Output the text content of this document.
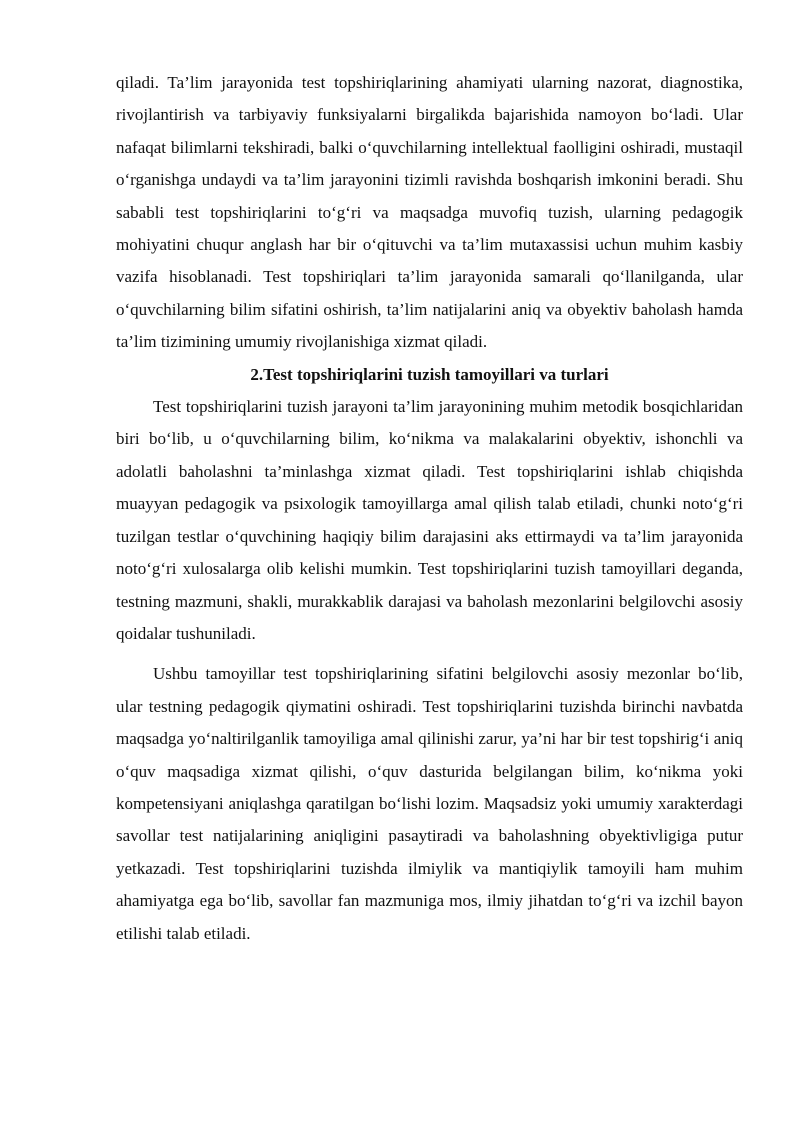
qiladi. Ta’lim jarayonida test topshiriqlarining ahamiyati ularning nazorat, diagnostika, rivojlantirish va tarbiyaviy funksiyalarni birgalikda bajarishida namoyon bo‘ladi. Ular nafaqat bilimlarni tekshiradi, balki o‘quvchilarning intellektual faolligini oshiradi, mustaqil o‘rganishga undaydi va ta’lim jarayonini tizimli ravishda boshqarish imkonini beradi. Shu sababli test topshiriqlarini to‘g‘ri va maqsadga muvofiq tuzish, ularning pedagogik mohiyatini chuqur anglash har bir o‘qituvchi va ta’lim mutaxassisi uchun muhim kasbiy vazifa hisoblanadi. Test topshiriqlari ta’lim jarayonida samarali qo‘llanilganda, ular o‘quvchilarning bilim sifatini oshirish, ta’lim natijalarini aniq va obyektiv baholash hamda ta’lim tizimining umumiy rivojlanishiga xizmat qiladi.

2.Test topshiriqlarini tuzish tamoyillari va turlari

Test topshiriqlarini tuzish jarayoni ta’lim jarayonining muhim metodik bosqichlaridan biri bo‘lib, u o‘quvchilarning bilim, ko‘nikma va malakalarini obyektiv, ishonchli va adolatli baholashni ta’minlashga xizmat qiladi. Test topshiriqlarini ishlab chiqishda muayyan pedagogik va psixologik tamoyillarga amal qilish talab etiladi, chunki noto‘g‘ri tuzilgan testlar o‘quvchining haqiqiy bilim darajasini aks ettirmaydi va ta’lim jarayonida noto‘g‘ri xulosalarga olib kelishi mumkin. Test topshiriqlarini tuzish tamoyillari deganda, testning mazmuni, shakli, murakkablik darajasi va baholash mezonlarini belgilovchi asosiy qoidalar tushuniladi.

Ushbu tamoyillar test topshiriqlarining sifatini belgilovchi asosiy mezonlar bo‘lib, ular testning pedagogik qiymatini oshiradi. Test topshiriqlarini tuzishda birinchi navbatda maqsadga yo‘naltirilganlik tamoyiliga amal qilinishi zarur, ya’ni har bir test topshirig‘i aniq o‘quv maqsadiga xizmat qilishi, o‘quv dasturida belgilangan bilim, ko‘nikma yoki kompetensiyani aniqlashga qaratilgan bo‘lishi lozim. Maqsadsiz yoki umumiy xarakterdagi savollar test natijalarining aniqligini pasaytiradi va baholashning obyektivligiga putur yetkazadi. Test topshiriqlarini tuzishda ilmiylik va mantiqiylik tamoyili ham muhim ahamiyatga ega bo‘lib, savollar fan mazmuniga mos, ilmiy jihatdan to‘g‘ri va izchil bayon etilishi talab etiladi.
